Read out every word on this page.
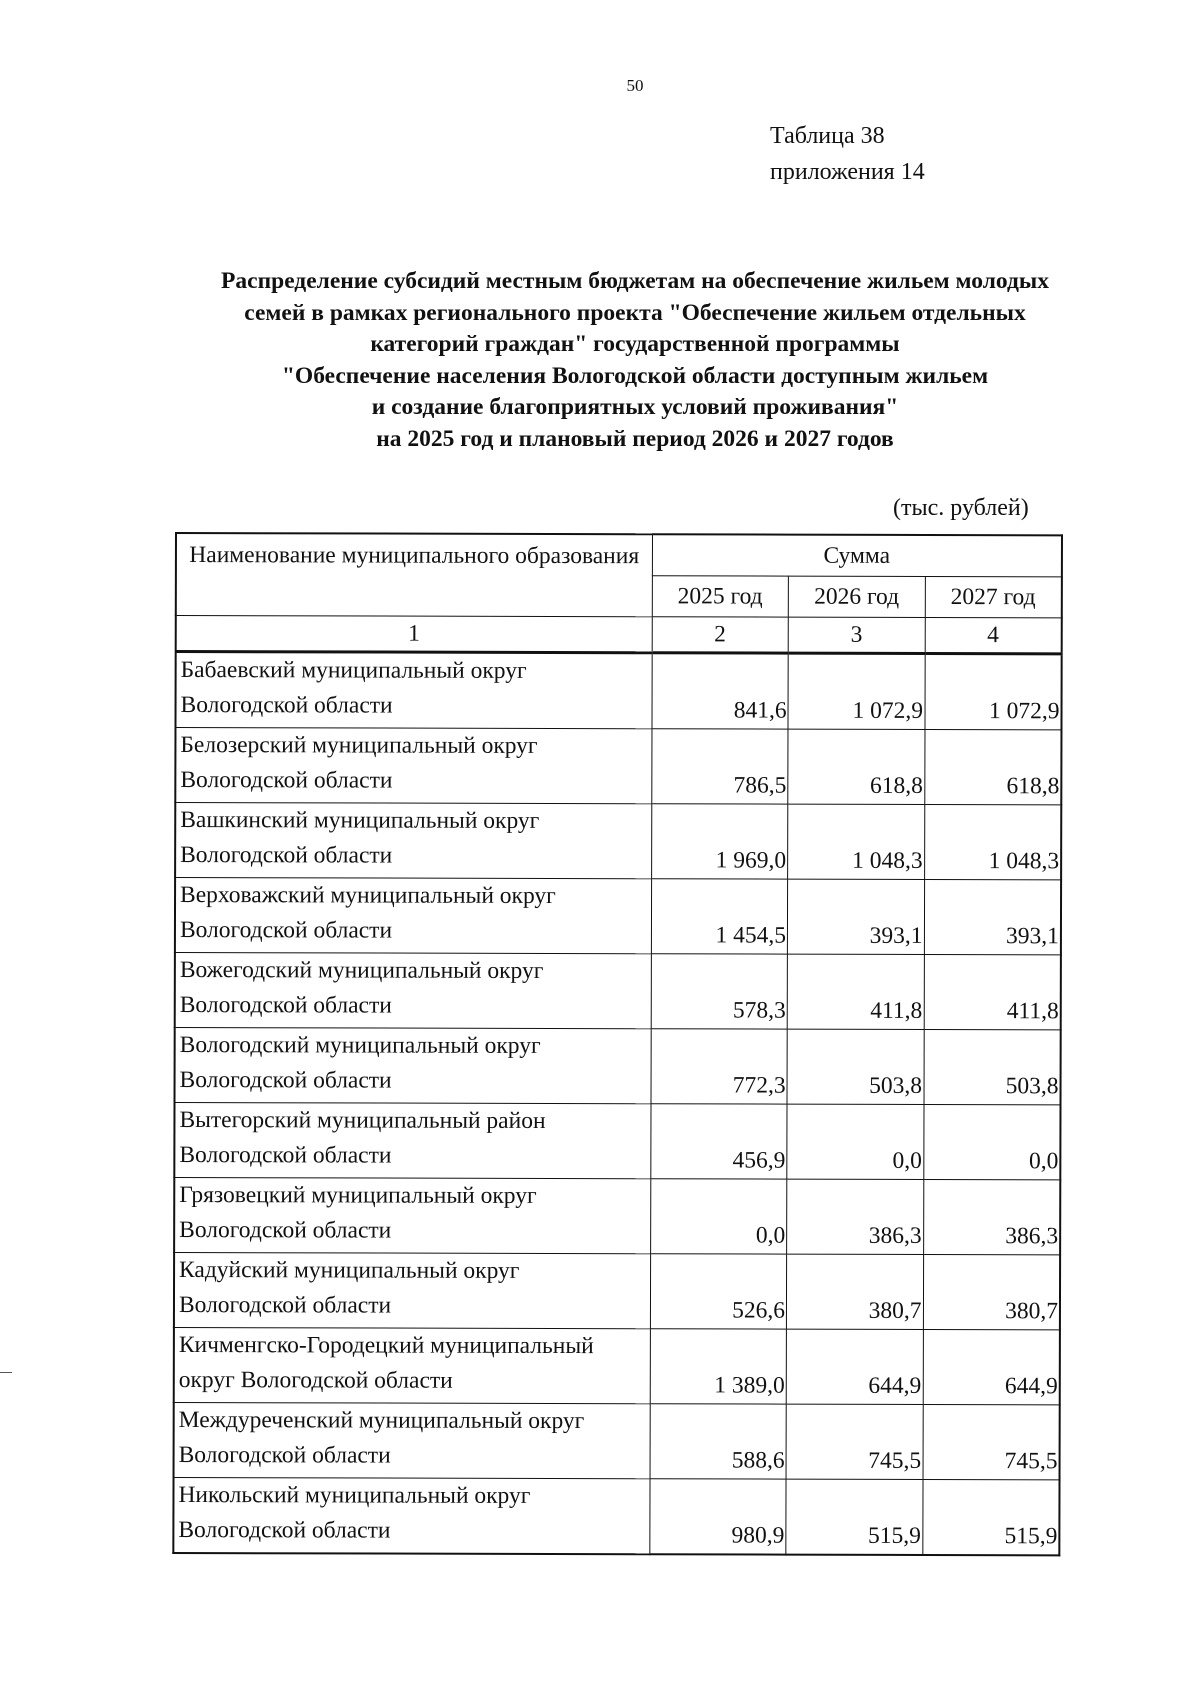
50
Таблица 38
приложения 14
Распределение субсидий местным бюджетам на обеспечение жильем молодых
семей в рамках регионального проекта "Обеспечение жильем отдельных
категорий граждан" государственной программы
"Обеспечение населения Вологодской области доступным жильем
и создание благоприятных условий проживания"
на 2025 год и плановый период 2026 и 2027 годов
(тыс. рублей)
Наименование муниципального образования	Сумма		
	2025 год	2026 год	2027 год
1	2	3	4

Бабаевский муниципальный округ
Вологодской области	841,6	1 072,9	1 072,9

Белозерский муниципальный округ
Вологодской области	786,5	618,8	618,8

Вашкинский муниципальный округ
Вологодской области	1 969,0	1 048,3	1 048,3

Верховажский муниципальный округ
Вологодской области	1 454,5	393,1	393,1

Вожегодский муниципальный округ
Вологодской области	578,3	411,8	411,8

Вологодский муниципальный округ
Вологодской области	772,3	503,8	503,8

Вытегорский муниципальный район
Вологодской области	456,9	0,0	0,0

Грязовецкий муниципальный округ
Вологодской области	0,0	386,3	386,3

Кадуйский муниципальный округ
Вологодской области	526,6	380,7	380,7

Кичменгско-Городецкий муниципальный
округ Вологодской области	1 389,0	644,9	644,9

Междуреченский муниципальный округ
Вологодской области	588,6	745,5	745,5

Никольский муниципальный округ
Вологодской области	980,9	515,9	515,9
